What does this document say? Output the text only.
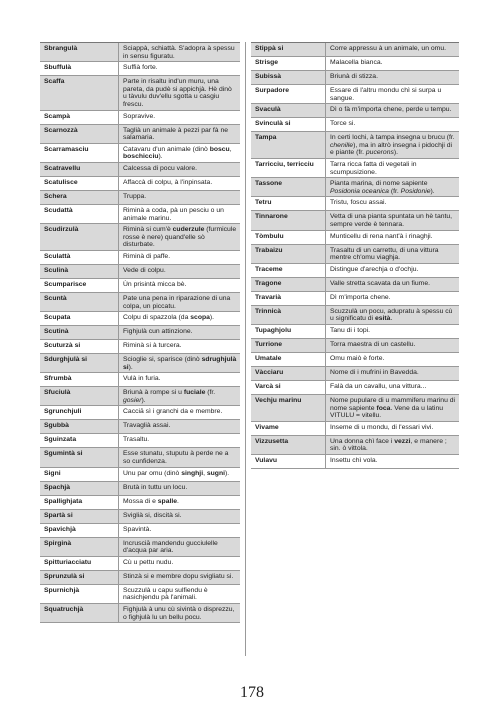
Sbrangulà	Sciappà, schiattà. S'adopra à spessu in sensu figuratu.
Sbuffulà	Suffià forte.
Scaffa	Parte in risaltu ind'un muru, una pareta, da pudè si appichjà. Hè dinò u tàvulu duv'ellu sgotta u casgiu frescu.
Scampà	Sopravive.
Scarnozzà	Taglià un animale à pezzi par fà ne salamaria.
Scarramasciu	Catavaru d'un animale (dinò boscu, boschicciu).
Scatravellu	Calcessa di pocu valore.
Scatulisce	Affaccà di colpu, à l'inpinsata.
Schera	Truppa.
Scudattà	Riminà a coda, pà un pesciu o un animale marinu.
Scudirzulà	Riminà si cum'è cuderzule (furmicule rosse è nere) quand'elle sò disturbate.
Sculattà	Riminà di paffe.
Sculinà	Vede di colpu.
Scumparisce	Ùn prisintà micca bè.
Scuntà	Pate una pena in riparazione di una colpa, un piccatu.
Scupata	Colpu di spazzola (da scopa).
Scutinà	Fighjulà cun attinzione.
Scuturzà si	Riminà si à turcera.
Sdurghjulà si	Scioglie si, sparisce (dinò sdrughjulà si).
Sfrumbà	Vulà in furia.
Sfuciulà	Briunà à rompe si u fuciale (fr. gosier).
Sgrunchjuli	Cacciā sì i granchi da e membre.
Sgubbà	Travaglià assai.
Sguinzata	Trasaltu.
Sgumintà si	Esse stunatu, stuputu à perde ne a so cunfidenza.
Signi	Unu par omu (dinò singhji, sugni).
Spachjà	Brutà in tuttu un locu.
Spallighjata	Mossa di e spalle.
Spartà si	Sviglià si, discità si.
Spavichjà	Spavintà.
Spirginà	Incrusciā mandendu gucciulelle d'acqua par aria.
Spitturiacciatu	Cù u pettu nudu.
Sprunzulà si	Stinzà si e membre dopu svigliatu si.
Spurnichjà	Scuzzulà u capu sulfiendu è nasichjendu pà l'animali.
Squatruchjà	Fighjulà à unu cù sivintà o disprezzu, o fighjulà lu un bellu pocu.
Stippà si	Corre appressu à un animale, un omu.
Strisge	Malacella bianca.
Subissà	Briunà di stizza.
Surpadore	Essare di l'altru mondu chì si surpa u sangue.
Svaculà	Dì o fà m'importa chene, perde u tempu.
Svinculà si	Torce si.
Tampa	In certi lochi, à tampa insegna u brucu (fr. chenille), ma in altrò insegna i pidochji di e piante (fr. pucerons).
Tarricciu, terricciu	Tarra ricca fatta di vegetali in scumpusizione.
Tassone	Pianta marina, di nome sapiente Posidonia oceanica (fr. Posidonie).
Tetru	Tristu, foscu assai.
Tinnarone	Vetta di una pianta spuntata un hè tantu, sempre verde è tennara.
Tòmbulu	Munticellu di rena nant'à i rinaghji.
Trabaizu	Trasaltu di un carrettu, di una vittura mentre ch'omu viaghja.
Traceme	Distingue d'arechja o d'ochju.
Tragone	Valle stretta scavata da un fiume.
Travarià	Dì m'importa chene.
Trinnicà	Scuzzulà un pocu, adupratu à spessu cù u significatu di esità.
Tupaghjolu	Tanu di i topi.
Turrione	Torra maestra di un castellu.
Umatale	Omu maiò è forte.
Vàcciaru	Nome di i mufrini in Bavedda.
Varcà si	Falà da un cavallu, una vittura...
Vechju marinu	Nome pupulare di u mammiferu marinu di nome sapiente foca. Vene da u latinu VITULU = vitellu.
Vivame	Inseme di u mondu, di l'essari vivi.
Vizzusetta	Una donna chì face i vezzi, e manere ; sin. ò vittola.
Vulavu	Insettu chì vola.
178
